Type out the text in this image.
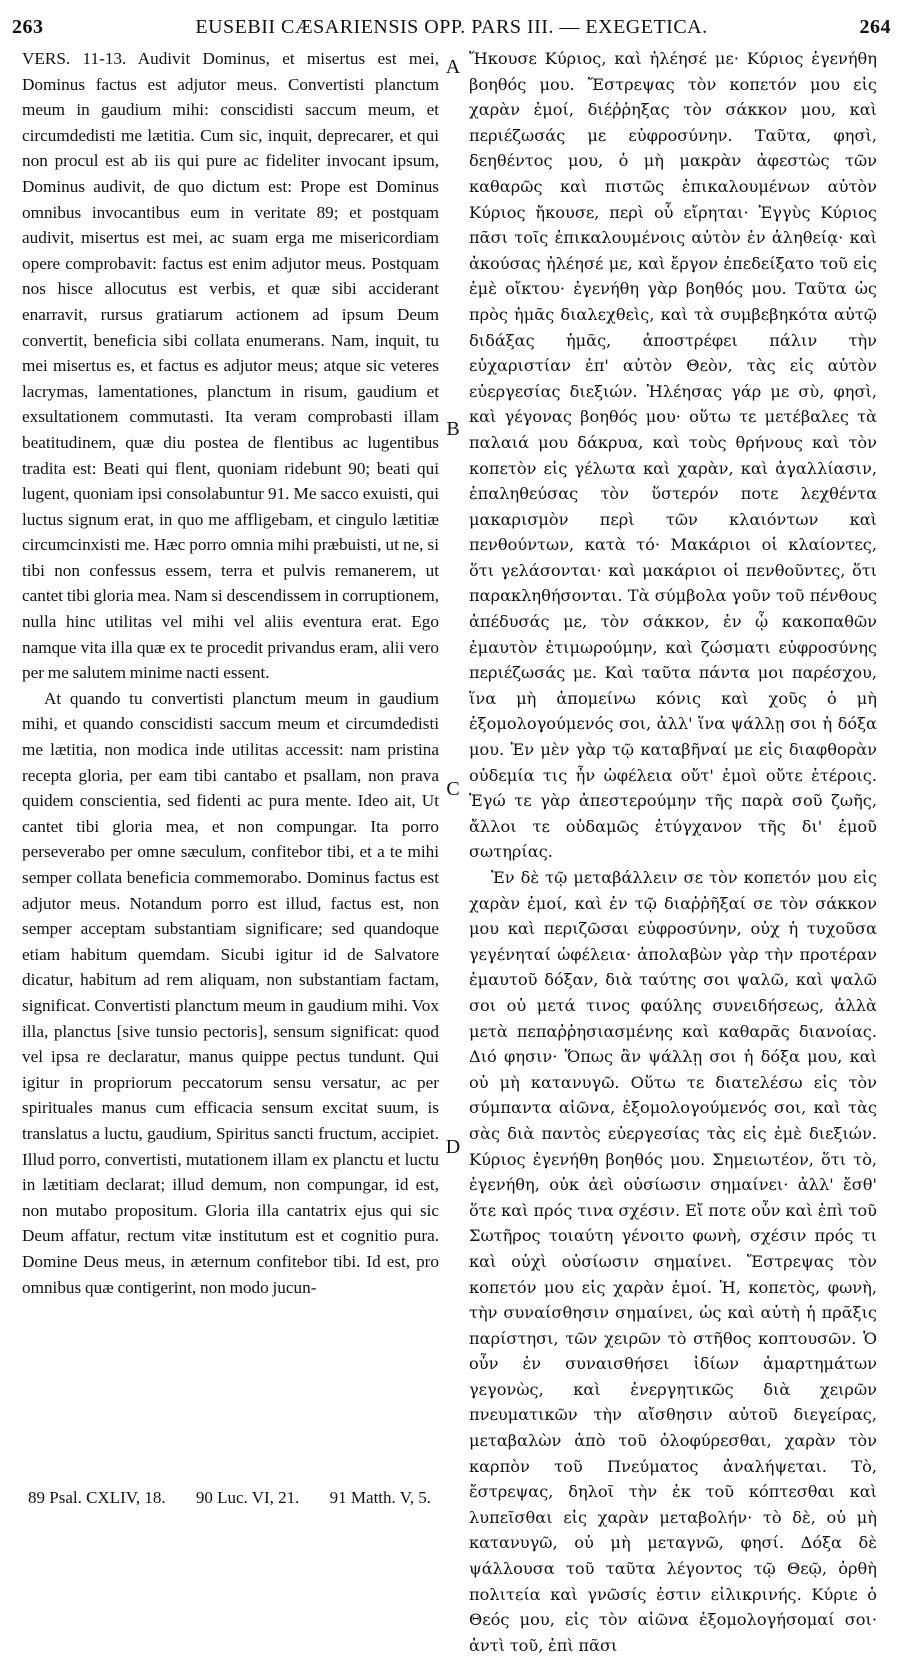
263	EUSEBII CÆSARIENSIS OPP. PARS III. — EXEGETICA.	264

VERS. 11-13. Audivit Dominus, et misertus est mei, Dominus factus est adjutor meus. Convertisti planctum meum in gaudium mihi: conscidisti saccum meum, et circumdedisti me lætitia. Cum sic, inquit, deprecarer, et qui non procul est ab iis qui pure ac fideliter invocant ipsum, Dominus audivit, de quo dictum est: Prope est Dominus omnibus invocantibus eum in veritate 89; et postquam audivit, misertus est mei, ac suam erga me misericordiam opere comprobavit: factus est enim adjutor meus. Postquam nos hisce allocutus est verbis, et quæ sibi acciderant enarravit, rursus gratiarum actionem ad ipsum Deum convertit, beneficia sibi collata enumerans. Nam, inquit, tu mei misertus es, et factus es adjutor meus; atque sic veteres lacrymas, lamentationes, planctum in risum, gaudium et exsultationem commutasti. Ita veram comprobasti illam beatitudinem, quæ diu postea de flentibus ac lugentibus tradita est: Beati qui flent, quoniam ridebunt 90; beati qui lugent, quoniam ipsi consolabuntur 91. Me sacco exuisti, qui luctus signum erat, in quo me affligebam, et cingulo lætitiæ circumcinxisti me. Hæc porro omnia mihi præbuisti, ut ne, si tibi non confessus essem, terra et pulvis remanerem, ut cantet tibi gloria mea. Nam si descendissem in corruptionem, nulla hinc utilitas vel mihi vel aliis eventura erat. Ego namque vita illa quæ ex te procedit privandus eram, alii vero per me salutem minime nacti essent.

At quando tu convertisti planctum meum in gaudium mihi, et quando conscidisti saccum meum et circumdedisti me lætitia, non modica inde utilitas accessit: nam pristina recepta gloria, per eam tibi cantabo et psallam, non prava quidem conscientia, sed fidenti ac pura mente. Ideo ait, Ut cantet tibi gloria mea, et non compungar. Ita porro perseverabo per omne sæculum, confitebor tibi, et a te mihi semper collata beneficia commemorabo. Dominus factus est adjutor meus. Notandum porro est illud, factus est, non semper acceptam substantiam significare; sed quandoque etiam habitum quemdam. Sicubi igitur id de Salvatore dicatur, habitum ad rem aliquam, non substantiam factam, significat. Convertisti planctum meum in gaudium mihi. Vox illa, planctus [sive tunsio pectoris], sensum significat: quod vel ipsa re declaratur, manus quippe pectus tundunt. Qui igitur in propriorum peccatorum sensu versatur, ac per spirituales manus cum efficacia sensum excitat suum, is translatus a luctu, gaudium, Spiritus sancti fructum, accipiet. Illud porro, convertisti, mutationem illam ex planctu et luctu in lætitiam declarat; illud demum, non compungar, id est, non mutabo propositum. Gloria illa cantatrix ejus qui sic Deum affatur, rectum vitæ institutum est et cognitio pura. Domine Deus meus, in æternum confitebor tibi. Id est, pro omnibus quæ contigerint, non modo jucun-

A
B
C
D

Ἤκουσε Κύριος, καὶ ἠλέησέ με· Κύριος ἐγενήθη βοηθός μου. Ἔστρεψας τὸν κοπετόν μου εἰς χαρὰν ἐμοί, διέῤῥηξας τὸν σάκκον μου, καὶ περιέζωσάς με εὐφροσύνην. Ταῦτα, φησὶ, δεηθέντος μου, ὁ μὴ μακρὰν ἀφεστὼς τῶν καθαρῶς καὶ πιστῶς ἐπικαλουμένων αὐτὸν Κύριος ἤκουσε, περὶ οὗ εἴρηται· Ἐγγὺς Κύριος πᾶσι τοῖς ἐπικαλουμένοις αὐτὸν ἐν ἀληθείᾳ· καὶ ἀκούσας ἠλέησέ με, καὶ ἔργον ἐπεδείξατο τοῦ εἰς ἐμὲ οἴκτου· ἐγενήθη γὰρ βοηθός μου. Ταῦτα ὡς πρὸς ἡμᾶς διαλεχθεὶς, καὶ τὰ συμβεβηκότα αὐτῷ διδάξας ἡμᾶς, ἀποστρέφει πάλιν τὴν εὐχαριστίαν ἐπ' αὐτὸν Θεὸν, τὰς εἰς αὐτὸν εὐεργεσίας διεξιών. Ἠλέησας γάρ με σὺ, φησὶ, καὶ γέγονας βοηθός μου· οὕτω τε μετέβαλες τὰ παλαιά μου δάκρυα, καὶ τοὺς θρήνους καὶ τὸν κοπετὸν εἰς γέλωτα καὶ χαρὰν, καὶ ἀγαλλίασιν, ἐπαληθεύσας τὸν ὕστερόν ποτε λεχθέντα μακαρισμὸν περὶ τῶν κλαιόντων καὶ πενθούντων, κατὰ τό· Μακάριοι οἱ κλαίοντες, ὅτι γελάσονται· καὶ μακάριοι οἱ πενθοῦντες, ὅτι παρακληθήσονται. Τὰ σύμβολα γοῦν τοῦ πένθους ἀπέδυσάς με, τὸν σάκκον, ἐν ᾧ κακοπαθῶν ἐμαυτὸν ἐτιμωρούμην, καὶ ζώσματι εὐφροσύνης περιέζωσάς με. Καὶ ταῦτα πάντα μοι παρέσχου, ἵνα μὴ ἀπομείνω κόνις καὶ χοῦς ὁ μὴ ἐξομολογούμενός σοι, ἀλλ' ἵνα ψάλλῃ σοι ἡ δόξα μου. Ἐν μὲν γὰρ τῷ καταβῆναί με εἰς διαφθορὰν οὐδεμία τις ἦν ὠφέλεια οὔτ' ἐμοὶ οὔτε ἑτέροις. Ἐγώ τε γὰρ ἀπεστερούμην τῆς παρὰ σοῦ ζωῆς, ἄλλοι τε οὐδαμῶς ἐτύγχανον τῆς δι' ἐμοῦ σωτηρίας.

Ἐν δὲ τῷ μεταβάλλειν σε τὸν κοπετόν μου εἰς χαρὰν ἐμοί, καὶ ἐν τῷ διαῤῥῆξαί σε τὸν σάκκον μου καὶ περιζῶσαι εὐφροσύνην, οὐχ ἡ τυχοῦσα γεγένηταί ὠφέλεια· ἀπολαβὼν γὰρ τὴν προτέραν ἐμαυτοῦ δόξαν, διὰ ταύτης σοι ψαλῶ, καὶ ψαλῶ σοι οὐ μετά τινος φαύλης συνειδήσεως, ἀλλὰ μετὰ πεπαῤῥησιασμένης καὶ καθαρᾶς διανοίας. Διό φησιν· Ὅπως ἂν ψάλλῃ σοι ἡ δόξα μου, καὶ οὐ μὴ κατανυγῶ. Οὕτω τε διατελέσω εἰς τὸν σύμπαντα αἰῶνα, ἐξομολογούμενός σοι, καὶ τὰς σὰς διὰ παντὸς εὐεργεσίας τὰς εἰς ἐμὲ διεξιών. Κύριος ἐγενήθη βοηθός μου. Σημειωτέον, ὅτι τὸ, ἐγενήθη, οὐκ ἀεὶ οὐσίωσιν σημαίνει· ἀλλ' ἔσθ' ὅτε καὶ πρός τινα σχέσιν. Εἴ ποτε οὖν καὶ ἐπὶ τοῦ Σωτῆρος τοιαύτη γένοιτο φωνὴ, σχέσιν πρός τι καὶ οὐχὶ οὐσίωσιν σημαίνει. Ἔστρεψας τὸν κοπετόν μου εἰς χαρὰν ἐμοί. Ἡ, κοπετὸς, φωνὴ, τὴν συναίσθησιν σημαίνει, ὡς καὶ αὐτὴ ἡ πρᾶξις παρίστησι, τῶν χειρῶν τὸ στῆθος κοπτουσῶν. Ὁ οὖν ἐν συναισθήσει ἰδίων ἁμαρτημάτων γεγονὼς, καὶ ἐνεργητικῶς διὰ χειρῶν πνευματικῶν τὴν αἴσθησιν αὐτοῦ διεγείρας, μεταβαλὼν ἀπὸ τοῦ ὀλοφύρεσθαι, χαρὰν τὸν καρπὸν τοῦ Πνεύματος ἀναλήψεται. Τὸ, ἔστρεψας, δηλοῖ τὴν ἐκ τοῦ κόπτεσθαι καὶ λυπεῖσθαι εἰς χαρὰν μεταβολήν· τὸ δὲ, οὐ μὴ κατανυγῶ, οὐ μὴ μεταγνῶ, φησί. Δόξα δὲ ψάλλουσα τοῦ ταῦτα λέγοντος τῷ Θεῷ, ὀρθὴ πολιτεία καὶ γνῶσίς ἐστιν εἰλικρινής. Κύριε ὁ Θεός μου, εἰς τὸν αἰῶνα ἐξομολογήσομαί σοι· ἀντὶ τοῦ, ἐπὶ πᾶσι

89 Psal. CXLIV, 18. 90 Luc. VI, 21. 91 Matth. V, 5.
